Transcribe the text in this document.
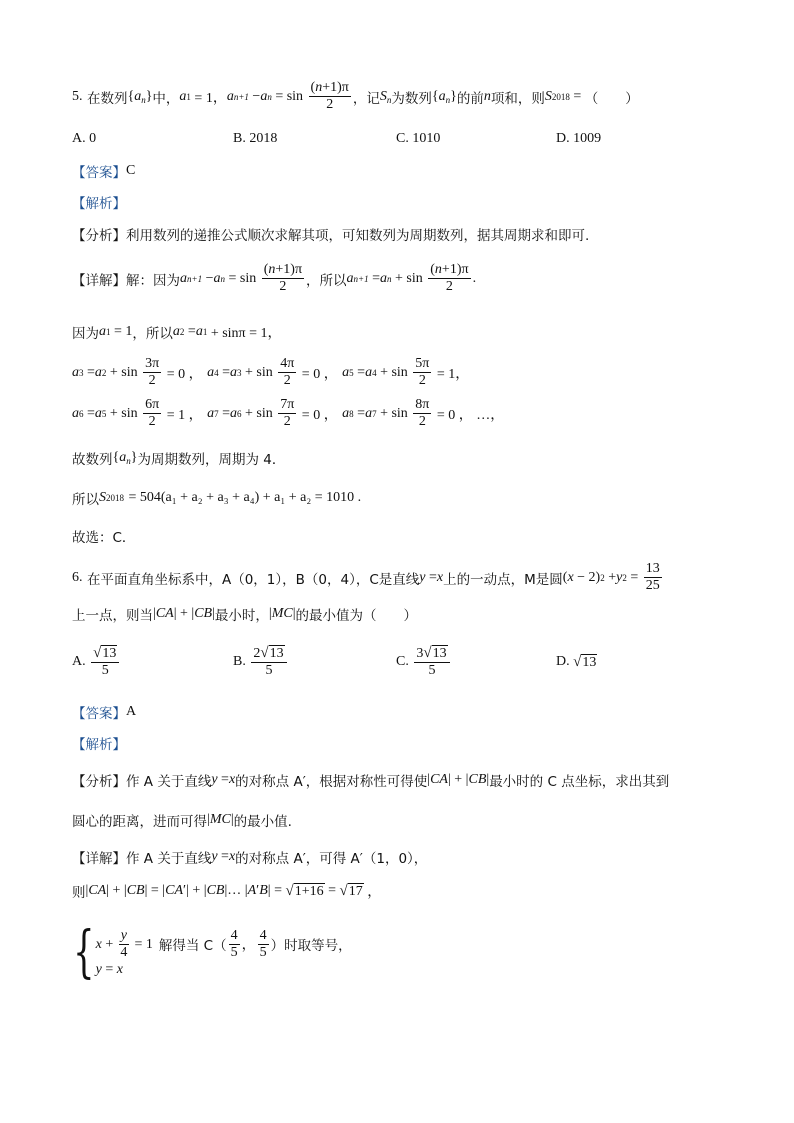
5.
在数列 { $a_n$ } 中， a 1 = 1， a n+1 − a $n = \sin \frac{(n+1)\pi}{2}$ ，记 $S_n$ 为数列 { $a_n$ } 的前 n 项和，则 S 2018 = （　　）
A. 0	B. 2018	C. 1010	D. 1009
【答案】 C
【解析】
【分析】 利用数列的递推公式顺次求解其项，可知数列为周期数列，据其周期求和即可.
【详解】 解：因为 a n+1 − a $n = \sin \frac{(n+1)\pi}{2}$ ，所以 a n+1 = a $n + \sin \frac{(n+1)\pi}{2}$ .
因为 a 1 = 1 ，所以 a 2 = a 1 + sinπ = 1，
a 3 = a $2 + \sin \frac{3\pi}{2} = 0$ ，
a 4 = a $3 + \sin \frac{4\pi}{2} = 0$ ，
a 5 = a $4 + \sin \frac{5\pi}{2} = 1$，
a 6 = a $5 + \sin \frac{6\pi}{2} = 1$ ，
a 7 = a $6 + \sin \frac{7\pi}{2} = 0$ ，
a 8 = a $7 + \sin \frac{8\pi}{2} = 0$ ， …，
故数列 { $a_n$ } 为周期数列，周期为 4．
所以 S 2018
= 504(a₁ + a₂ + a₃ + a₄) + a₁ + a₂ = 1010 .
故选：C．
6.
在平面直角坐标系中， A（0，1）， B（0，4）， C是直线 y = x 上的一动点， M是圆 ( x − 2) 2 + y $2 = \frac{13}{25}$
上一点，则当 | CA | + | CB | 最小时， | MC | 的最小值为（　　）
A.
$\frac{√ 13}{5}$	B.
$\frac{2 √ 13}{5}$	C.
$\frac{3 √ 13}{5}$	D.
√ 13
【答案】 A
【解析】
【分析】 作 A 关于直线 y = x 的对称点 A′，根据对称性可得使 | CA | + | CB | 最小时的 C 点坐标，求出其到
圆心的距离，进而可得 | MC | 的最小值.
【详解】 作 A 关于直线 y = x 的对称点 A′，可得 A′（1，0），
则 | CA | + | CB | = | CA ′| + | CB |… | A ′ B | = √ 1+16 = √ 17 ，
{ $x + \frac{y}{4} = 1$
y = x
解得当 $C( \frac{4}{5}$ ， $\frac{4}{5}$ ）时取等号，
